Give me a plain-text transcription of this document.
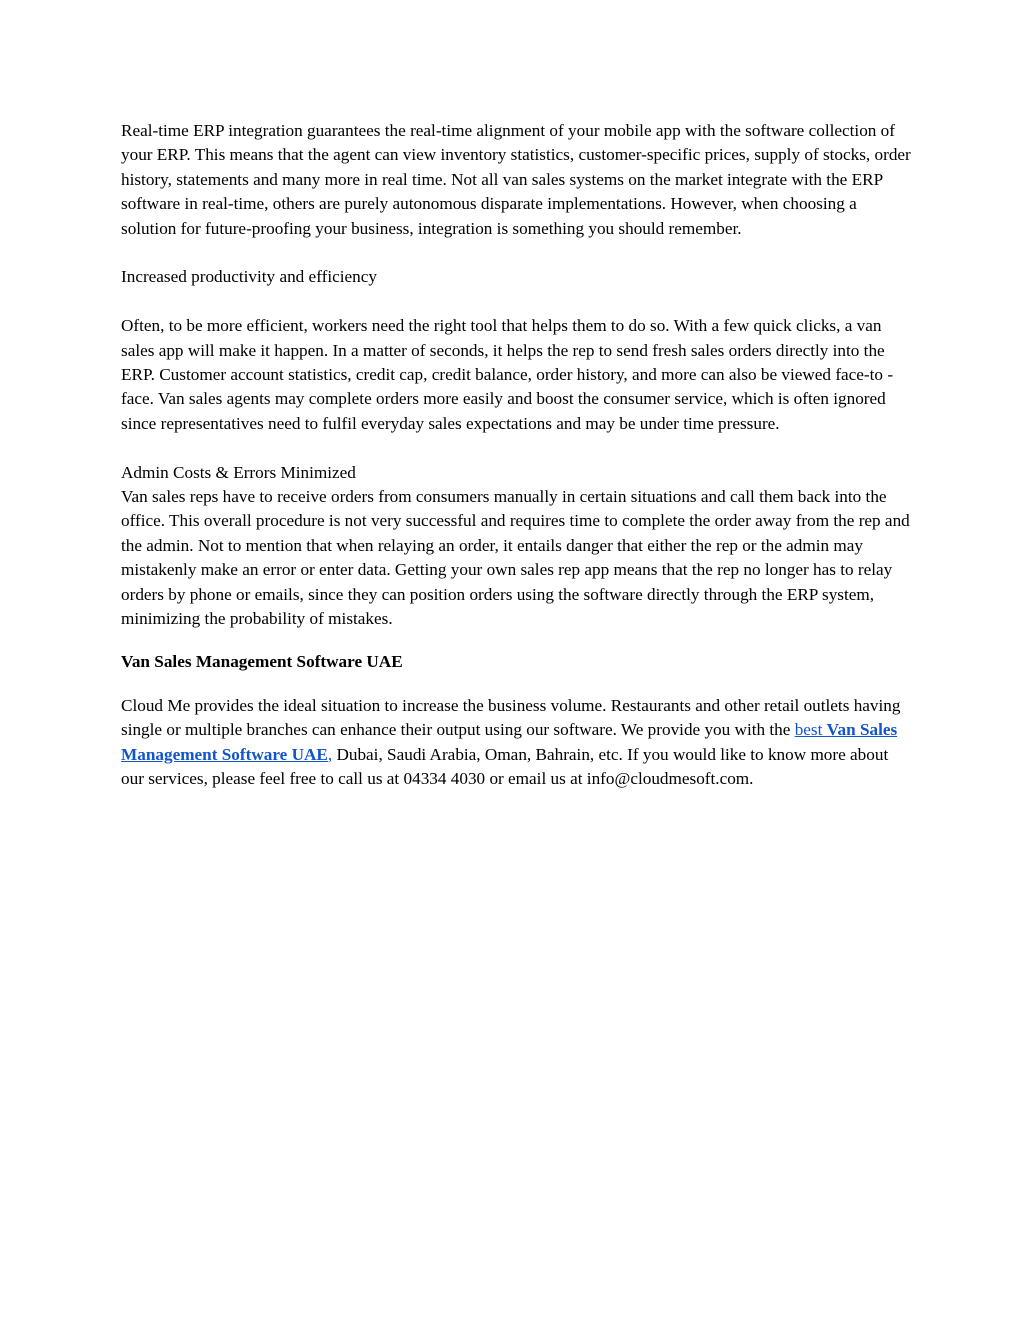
Real-time ERP integration guarantees the real-time alignment of your mobile app with the software collection of your ERP. This means that the agent can view inventory statistics, customer-specific prices, supply of stocks, order history, statements and many more in real time. Not all van sales systems on the market integrate with the ERP software in real-time, others are purely autonomous disparate implementations. However, when choosing a solution for future-proofing your business, integration is something you should remember.

Increased productivity and efficiency

Often, to be more efficient, workers need the right tool that helps them to do so. With a few quick clicks, a van sales app will make it happen. In a matter of seconds, it helps the rep to send fresh sales orders directly into the ERP. Customer account statistics, credit cap, credit balance, order history, and more can also be viewed face-to - face. Van sales agents may complete orders more easily and boost the consumer service, which is often ignored since representatives need to fulfil everyday sales expectations and may be under time pressure.

Admin Costs & Errors Minimized

Van sales reps have to receive orders from consumers manually in certain situations and call them back into the office. This overall procedure is not very successful and requires time to complete the order away from the rep and the admin. Not to mention that when relaying an order, it entails danger that either the rep or the admin may mistakenly make an error or enter data. Getting your own sales rep app means that the rep no longer has to relay orders by phone or emails, since they can position orders using the software directly through the ERP system, minimizing the probability of mistakes.

Van Sales Management Software UAE

Cloud Me provides the ideal situation to increase the business volume. Restaurants and other retail outlets having single or multiple branches can enhance their output using our software. We provide you with the best Van Sales Management Software UAE, Dubai, Saudi Arabia, Oman, Bahrain, etc. If you would like to know more about our services, please feel free to call us at 04334 4030 or email us at info@cloudmesoft.com.
